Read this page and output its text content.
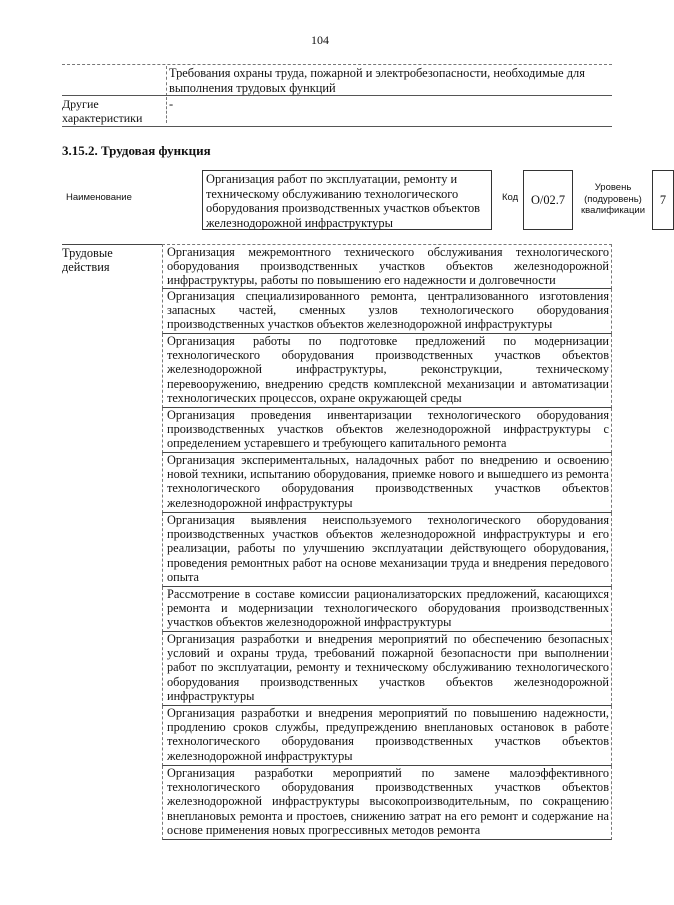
104
Требования охраны труда, пожарной и электробезопасности, необходимые для выполнения трудовых функций
Другие характеристики
-
3.15.2. Трудовая функция
Наименование
Организация работ по эксплуатации, ремонту и техническому обслуживанию технологического оборудования производственных участков объектов железнодорожной инфраструктуры
Код	O/02.7
Уровень (подуровень) квалификации
7
Трудовые действия
Организация межремонтного технического обслуживания технологического оборудования производственных участков объектов железнодорожной инфраструктуры, работы по повышению его надежности и долговечности
Организация специализированного ремонта, централизованного изготовления запасных частей, сменных узлов технологического оборудования производственных участков объектов железнодорожной инфраструктуры
Организация работы по подготовке предложений по модернизации технологического оборудования производственных участков объектов железнодорожной инфраструктуры, реконструкции, техническому перевооружению, внедрению средств комплексной механизации и автоматизации технологических процессов, охране окружающей среды
Организация проведения инвентаризации технологического оборудования производственных участков объектов железнодорожной инфраструктуры с определением устаревшего и требующего капитального ремонта
Организация экспериментальных, наладочных работ по внедрению и освоению новой техники, испытанию оборудования, приемке нового и вышедшего из ремонта технологического оборудования производственных участков объектов железнодорожной инфраструктуры
Организация выявления неиспользуемого технологического оборудования производственных участков объектов железнодорожной инфраструктуры и его реализации, работы по улучшению эксплуатации действующего оборудования, проведения ремонтных работ на основе механизации труда и внедрения передового опыта
Рассмотрение в составе комиссии рационализаторских предложений, касающихся ремонта и модернизации технологического оборудования производственных участков объектов железнодорожной инфраструктуры
Организация разработки и внедрения мероприятий по обеспечению безопасных условий и охраны труда, требований пожарной безопасности при выполнении работ по эксплуатации, ремонту и техническому обслуживанию технологического оборудования производственных участков объектов железнодорожной инфраструктуры
Организация разработки и внедрения мероприятий по повышению надежности, продлению сроков службы, предупреждению внеплановых остановок в работе технологического оборудования производственных участков объектов железнодорожной инфраструктуры
Организация разработки мероприятий по замене малоэффективного технологического оборудования производственных участков объектов железнодорожной инфраструктуры высокопроизводительным, по сокращению внеплановых ремонта и простоев, снижению затрат на его ремонт и содержание на основе применения новых прогрессивных методов ремонта
